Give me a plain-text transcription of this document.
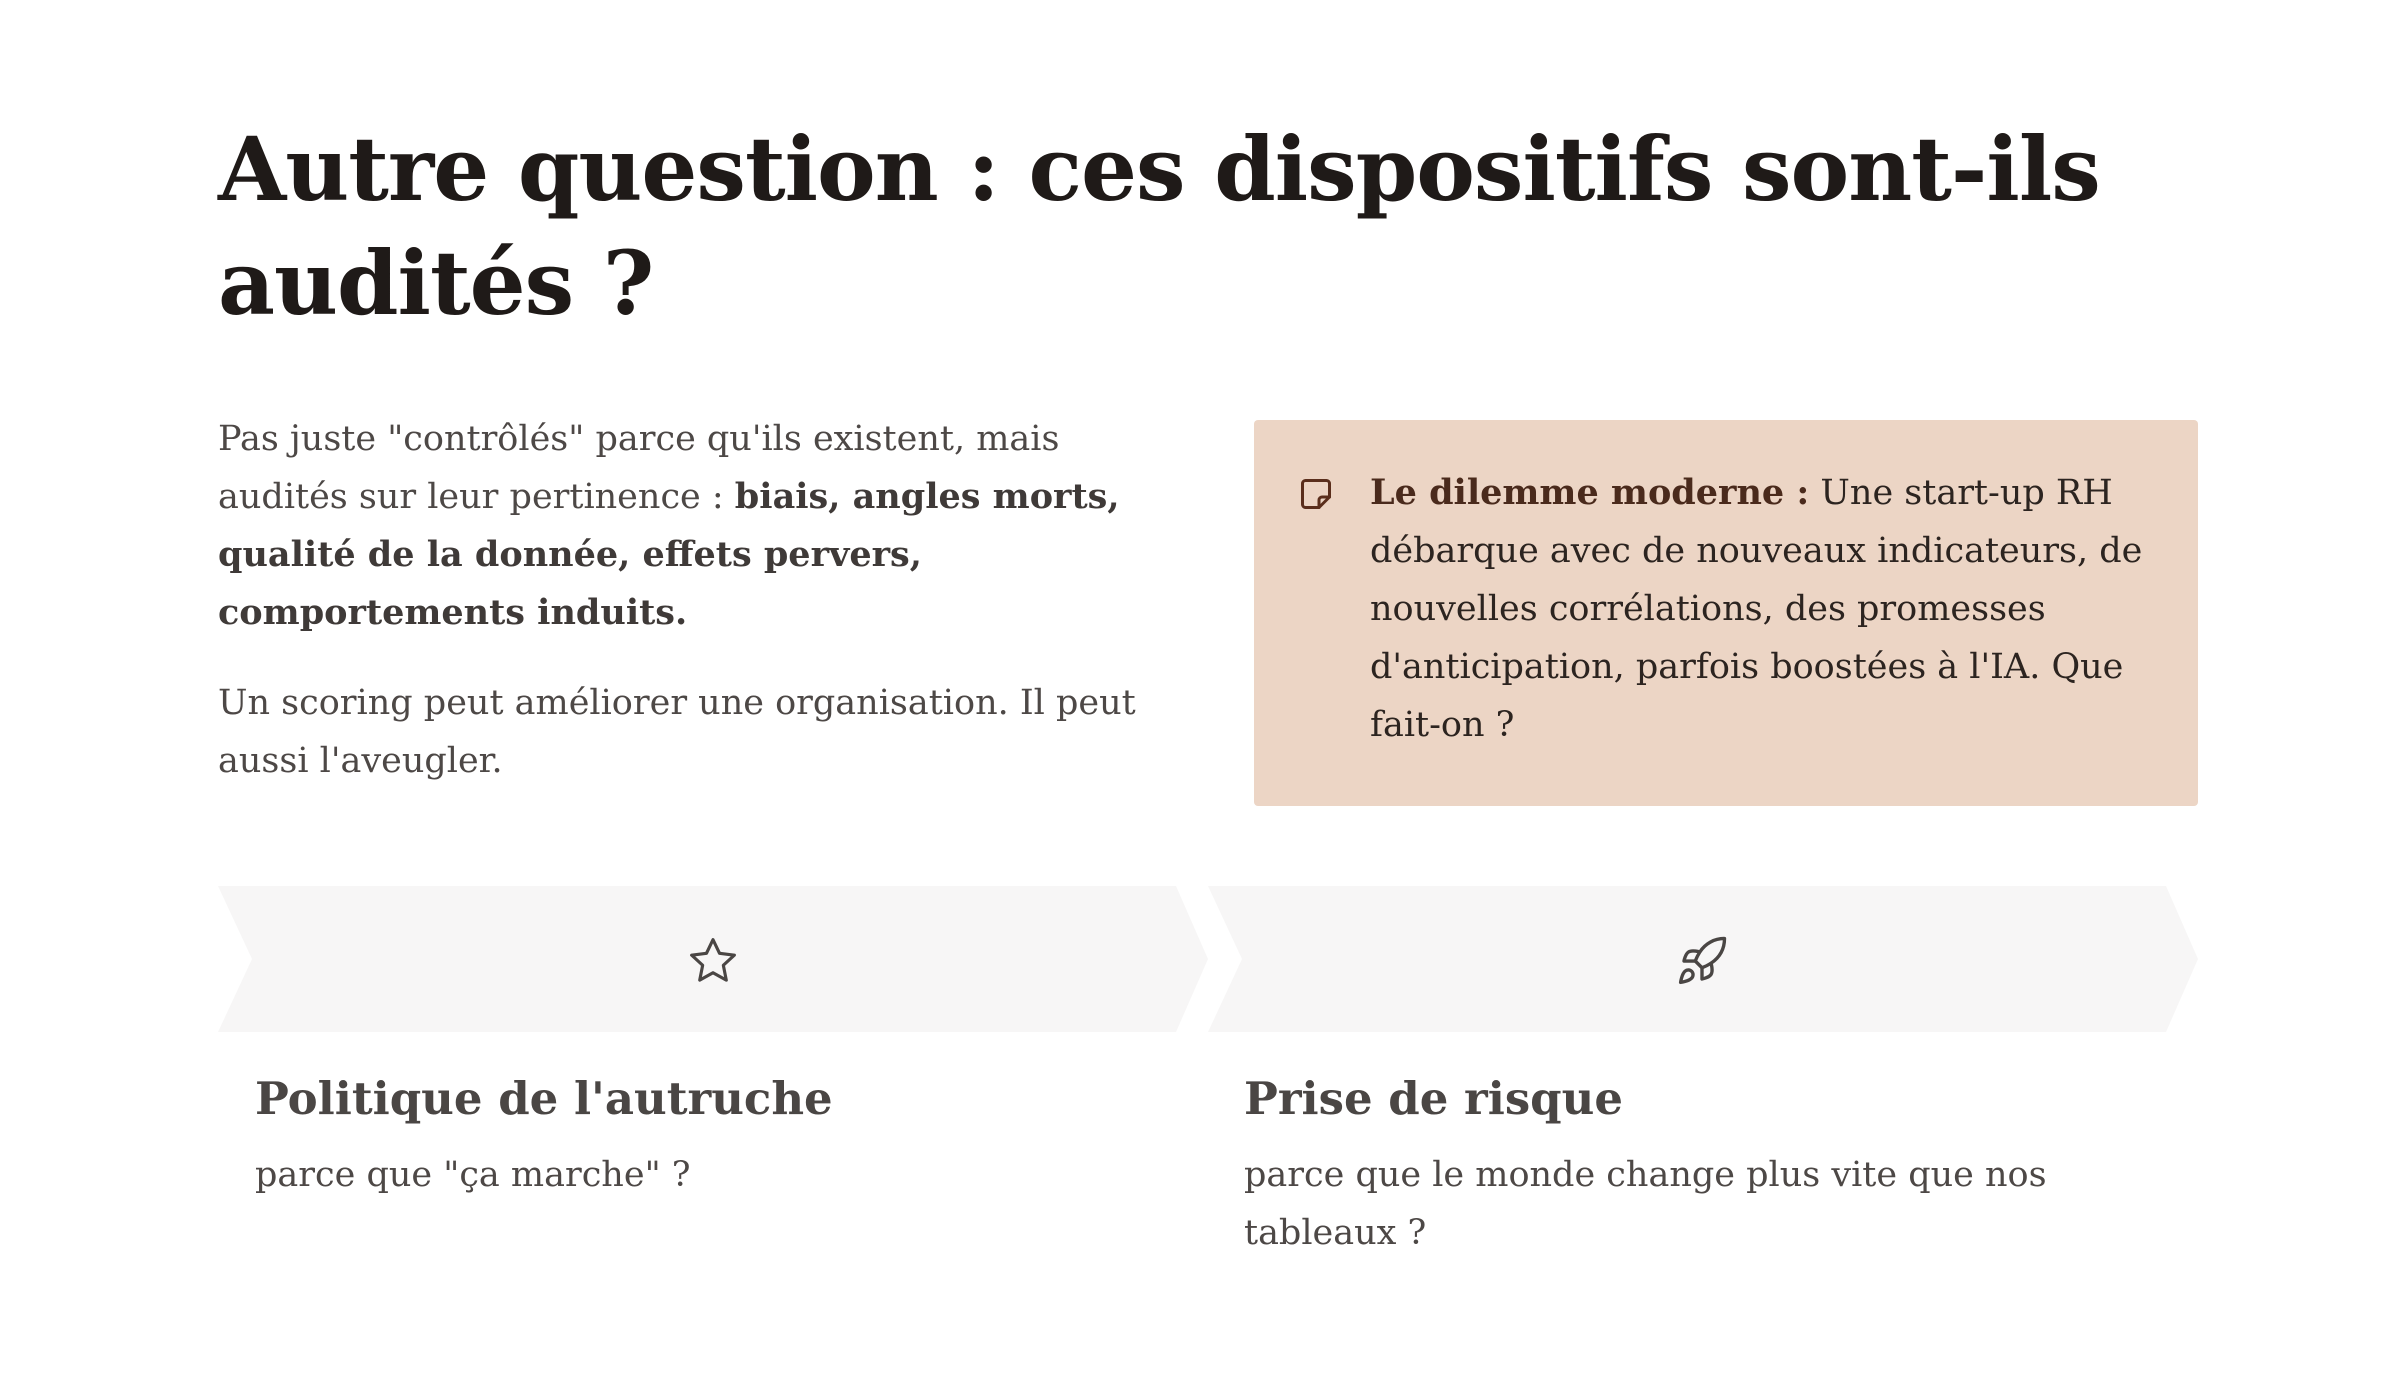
Autre question : ces dispositifs sont-ils audités ?

Pas juste "contrôlés" parce qu'ils existent, mais audités sur leur pertinence : biais, angles morts, qualité de la donnée, effets pervers, comportements induits.

Un scoring peut améliorer une organisation. Il peut aussi l'aveugler.

Le dilemme moderne : Une start-up RH débarque avec de nouveaux indicateurs, de nouvelles corrélations, des promesses d'anticipation, parfois boostées à l'IA. Que fait-on ?
Politique de l'autruche
parce que "ça marche" ?
Prise de risque
parce que le monde change plus vite que nos tableaux ?
